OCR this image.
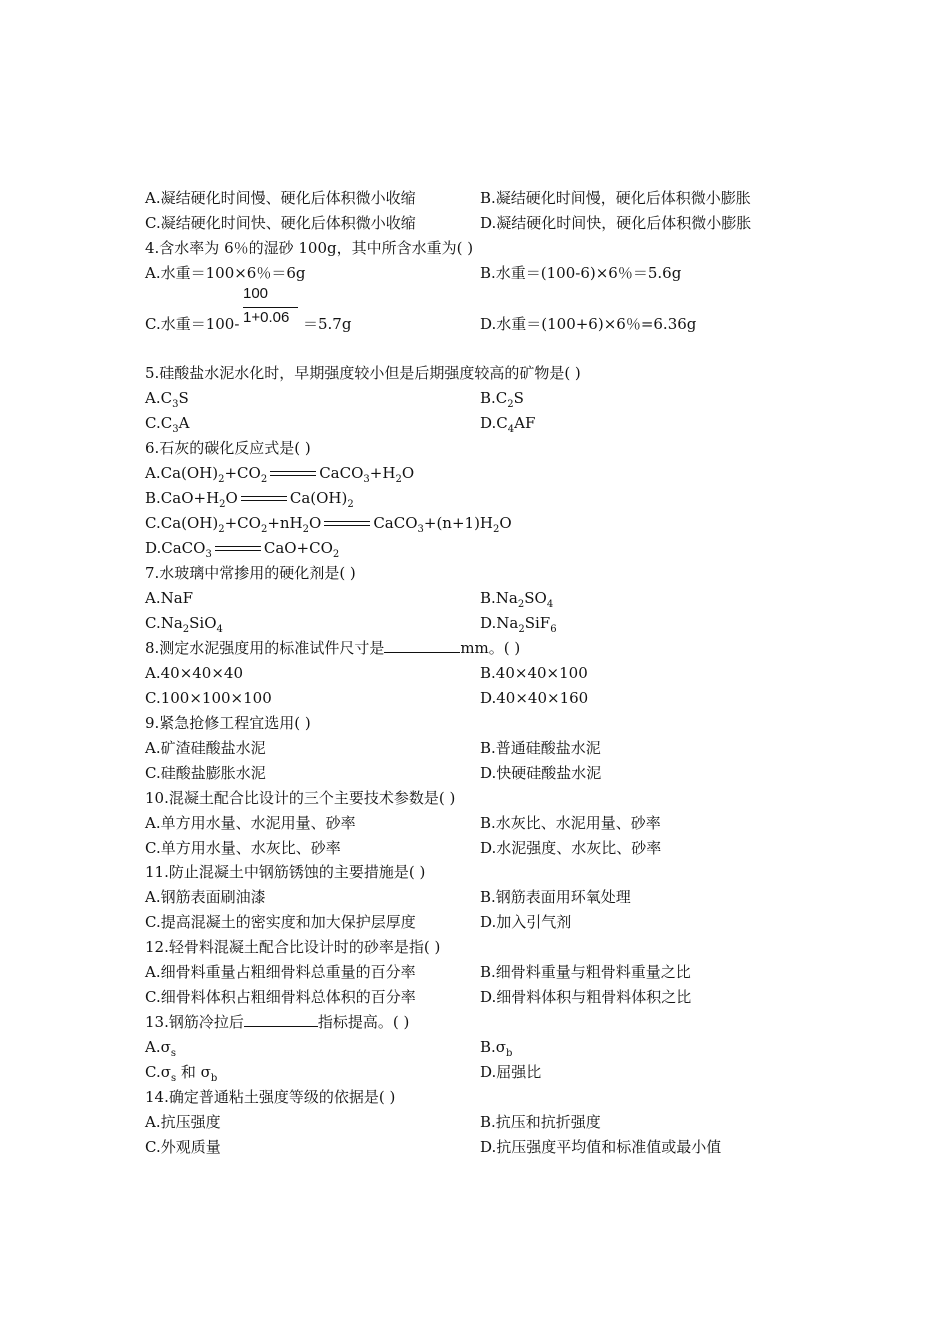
A.凝结硬化时间慢、硬化后体积微小收缩	B.凝结硬化时间慢，硬化后体积微小膨胀
C.凝结硬化时间快、硬化后体积微小收缩	D.凝结硬化时间快，硬化后体积微小膨胀
4.含水率为 6％的湿砂 100g，其中所含水重为( )
A.水重＝100×6％＝6g	B.水重＝(100-6)×6％＝5.6g
100
1+0.06
C.水重＝100-	＝5.7g	D.水重＝(100+6)×6％=6.36g
5.硅酸盐水泥水化时，早期强度较小但是后期强度较高的矿物是( )
$A.C_3S$	$B.C_2S$
$C.C_3A$	$D.C_4AF$
6.石灰的碳化反应式是( )
$A.Ca(OH)_2+CO_2$	$CaCO_3+H_2O$
$B.CaO+H_2O$	$Ca(OH)_2$
$C.Ca(OH)_2+CO_2+nH_2O$	$CaCO_3+(n+1)H_2O$
D.CaCO$_3$	$CaO+CO_2$
7.水玻璃中常掺用的硬化剂是( )
A.NaF	$B.Na_2SO_4$
$C.Na_2SiO_4$	$D.Na_2SiF_6$
8.测定水泥强度用的标准试件尺寸是	mm。( )
A.40×40×40	B.40×40×100
C.100×100×100	D.40×40×160
9.紧急抢修工程宜选用( )
A.矿渣硅酸盐水泥	B.普通硅酸盐水泥
C.硅酸盐膨胀水泥	D.快硬硅酸盐水泥
10.混凝土配合比设计的三个主要技术参数是( )
A.单方用水量、水泥用量、砂率	B.水灰比、水泥用量、砂率
C.单方用水量、水灰比、砂率	D.水泥强度、水灰比、砂率
11.防止混凝土中钢筋锈蚀的主要措施是( )
A.钢筋表面刷油漆	B.钢筋表面用环氧处理
C.提高混凝土的密实度和加大保护层厚度	D.加入引气剂
12.轻骨料混凝土配合比设计时的砂率是指( )
A.细骨料重量占粗细骨料总重量的百分率	B.细骨料重量与粗骨料重量之比
C.细骨料体积占粗细骨料总体积的百分率	D.细骨料体积与粗骨料体积之比
13.钢筋冷拉后	指标提高。( )
$A.\sigma_s$	$B.\sigma_b$
$C.\sigma_s$ 和 $\sigma_b$	D.屈强比
14.确定普通粘土强度等级的依据是( )
A.抗压强度	B.抗压和抗折强度
C.外观质量	D.抗压强度平均值和标准值或最小值
